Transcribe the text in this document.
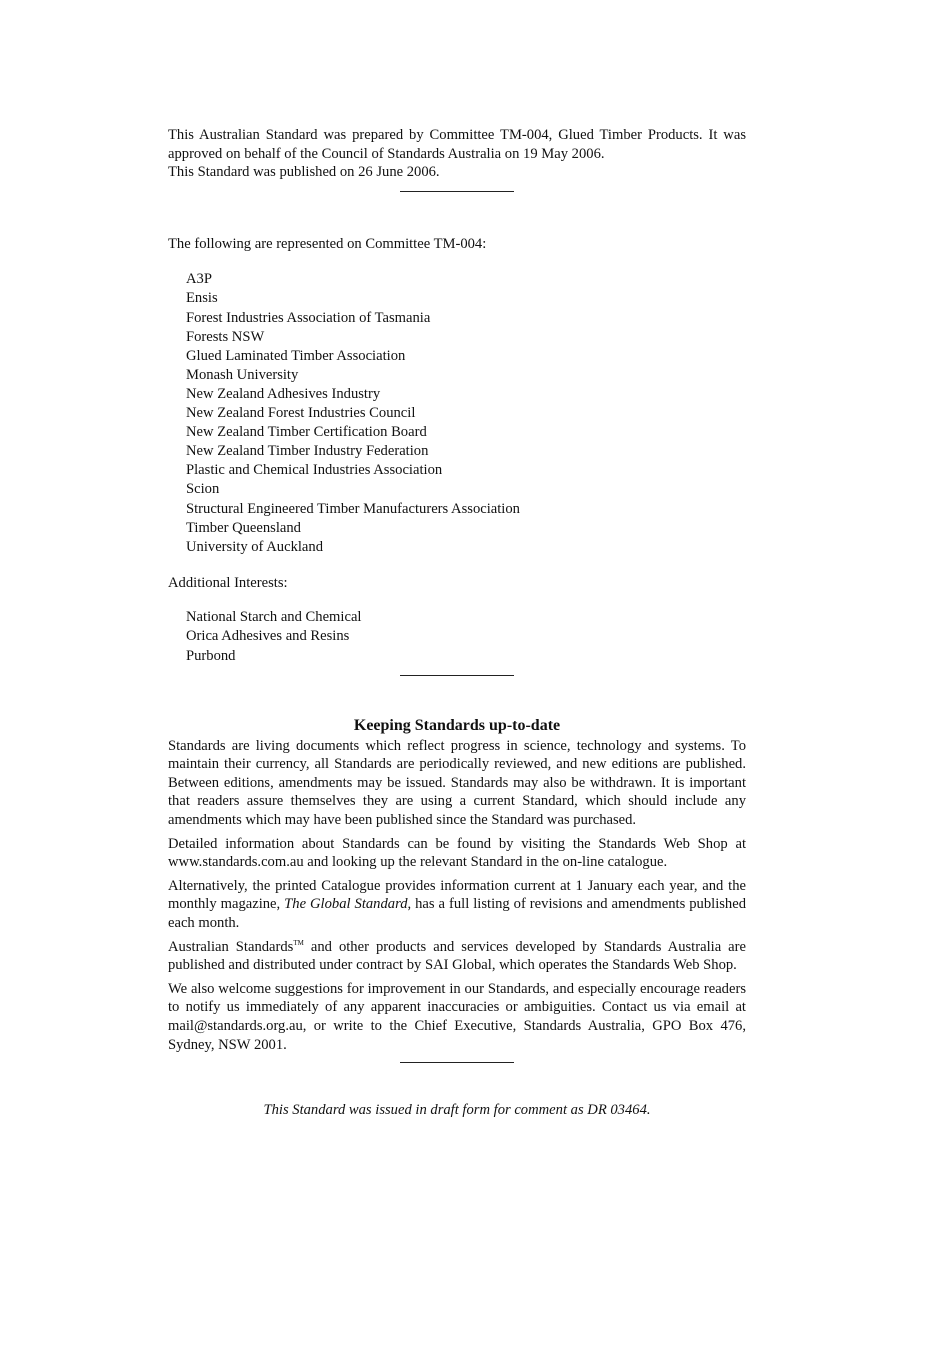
This Australian Standard was prepared by Committee TM-004, Glued Timber Products. It was approved on behalf of the Council of Standards Australia on 19 May 2006.

This Standard was published on 26 June 2006.

The following are represented on Committee TM-004:

A3P
Ensis
Forest Industries Association of Tasmania
Forests NSW
Glued Laminated Timber Association
Monash University
New Zealand Adhesives Industry
New Zealand Forest Industries Council
New Zealand Timber Certification Board
New Zealand Timber Industry Federation
Plastic and Chemical Industries Association
Scion
Structural Engineered Timber Manufacturers Association
Timber Queensland
University of Auckland

Additional Interests:

National Starch and Chemical
Orica Adhesives and Resins
Purbond
Keeping Standards up-to-date

Standards are living documents which reflect progress in science, technology and systems. To maintain their currency, all Standards are periodically reviewed, and new editions are published. Between editions, amendments may be issued. Standards may also be withdrawn. It is important that readers assure themselves they are using a current Standard, which should include any amendments which may have been published since the Standard was purchased.

Detailed information about Standards can be found by visiting the Standards Web Shop at www.standards.com.au and looking up the relevant Standard in the on-line catalogue.

Alternatively, the printed Catalogue provides information current at 1 January each year, and the monthly magazine, The Global Standard, has a full listing of revisions and amendments published each month.

Australian Standards™ and other products and services developed by Standards Australia are published and distributed under contract by SAI Global, which operates the Standards Web Shop.

We also welcome suggestions for improvement in our Standards, and especially encourage readers to notify us immediately of any apparent inaccuracies or ambiguities. Contact us via email at mail@standards.org.au, or write to the Chief Executive, Standards Australia, GPO Box 476, Sydney, NSW 2001.

This Standard was issued in draft form for comment as DR 03464.
